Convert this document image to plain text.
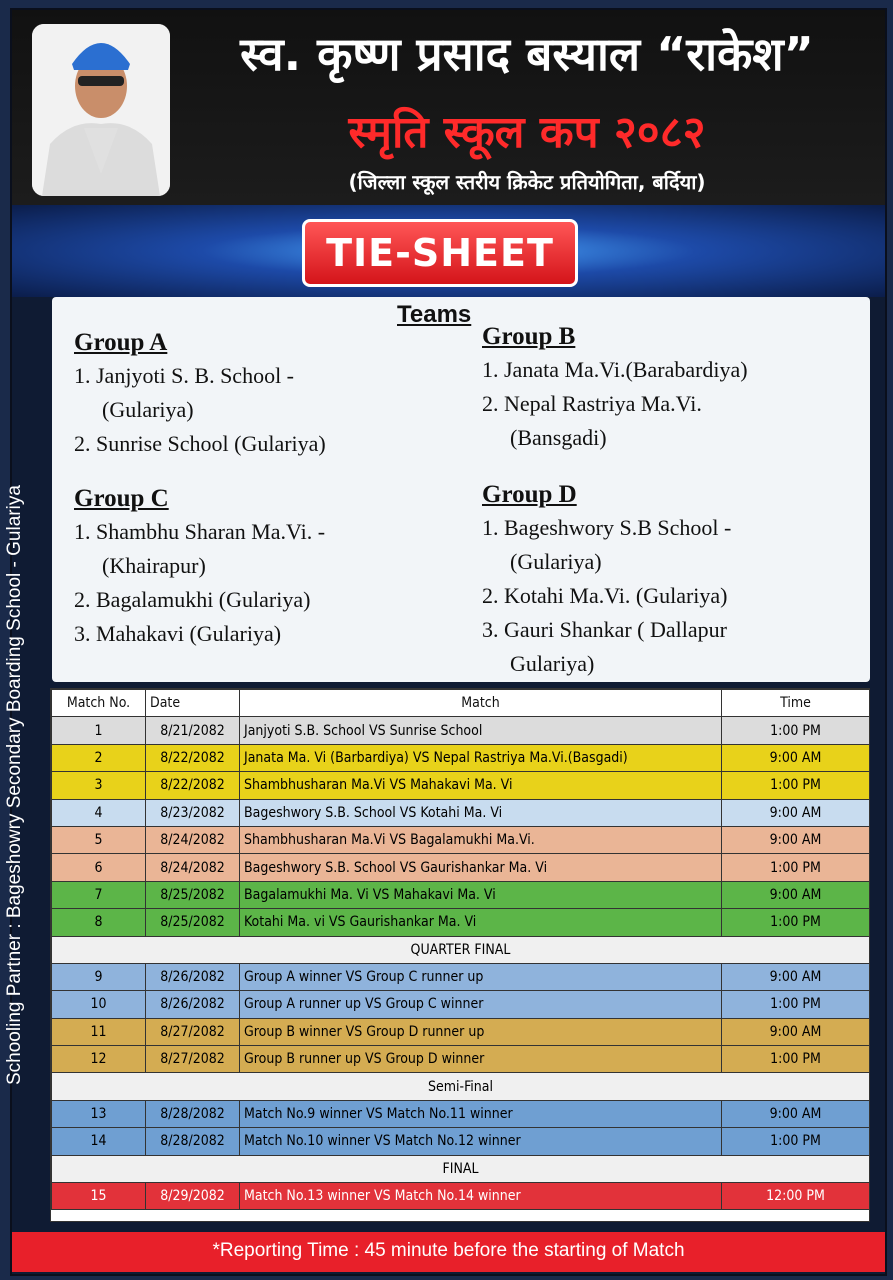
स्व. कृष्ण प्रसाद बस्याल “राकेश”
स्मृति स्कूल कप २०८२
(जिल्ला स्कूल स्तरीय क्रिकेट प्रतियोगिता, बर्दिया)
TIE-SHEET
Schooling Partner : Bageshowry Secondary Boarding School - Gulariya
Teams
Group A
1. Janjyoti S. B. School -
(Gulariya)
2. Sunrise School (Gulariya)
Group B
1. Janata Ma.Vi.(Barabardiya)
2. Nepal Rastriya Ma.Vi.
(Bansgadi)
Group C
1. Shambhu Sharan Ma.Vi. -
(Khairapur)
2. Bagalamukhi (Gulariya)
3. Mahakavi (Gulariya)
Group D
1. Bageshwory S.B School -
(Gulariya)
2. Kotahi Ma.Vi. (Gulariya)
3. Gauri Shankar ( Dallapur
Gulariya)
Match No.	Date	Match	Time
1	8/21/2082	Janjyoti S.B. School VS Sunrise School	1:00 PM
2	8/22/2082	Janata Ma. Vi (Barbardiya) VS Nepal Rastriya Ma.Vi.(Basgadi)	9:00 AM
3	8/22/2082	Shambhusharan Ma.Vi VS Mahakavi Ma. Vi	1:00 PM
4	8/23/2082	Bageshwory S.B. School VS Kotahi Ma. Vi	9:00 AM
5	8/24/2082	Shambhusharan Ma.Vi VS Bagalamukhi Ma.Vi.	9:00 AM
6	8/24/2082	Bageshwory S.B. School VS Gaurishankar Ma. Vi	1:00 PM
7	8/25/2082	Bagalamukhi Ma. Vi VS Mahakavi Ma. Vi	9:00 AM
8	8/25/2082	Kotahi Ma. vi VS Gaurishankar Ma. Vi	1:00 PM
QUARTER FINAL			
9	8/26/2082	Group A winner VS Group C runner up	9:00 AM
10	8/26/2082	Group A runner up VS Group C winner	1:00 PM
11	8/27/2082	Group B winner VS Group D runner up	9:00 AM
12	8/27/2082	Group B runner up VS Group D winner	1:00 PM
Semi-Final			
13	8/28/2082	Match No.9 winner VS Match No.11 winner	9:00 AM
14	8/28/2082	Match No.10 winner VS Match No.12 winner	1:00 PM
FINAL			
15	8/29/2082	Match No.13 winner VS Match No.14 winner	12:00 PM
*Reporting Time : 45 minute before the starting of Match
